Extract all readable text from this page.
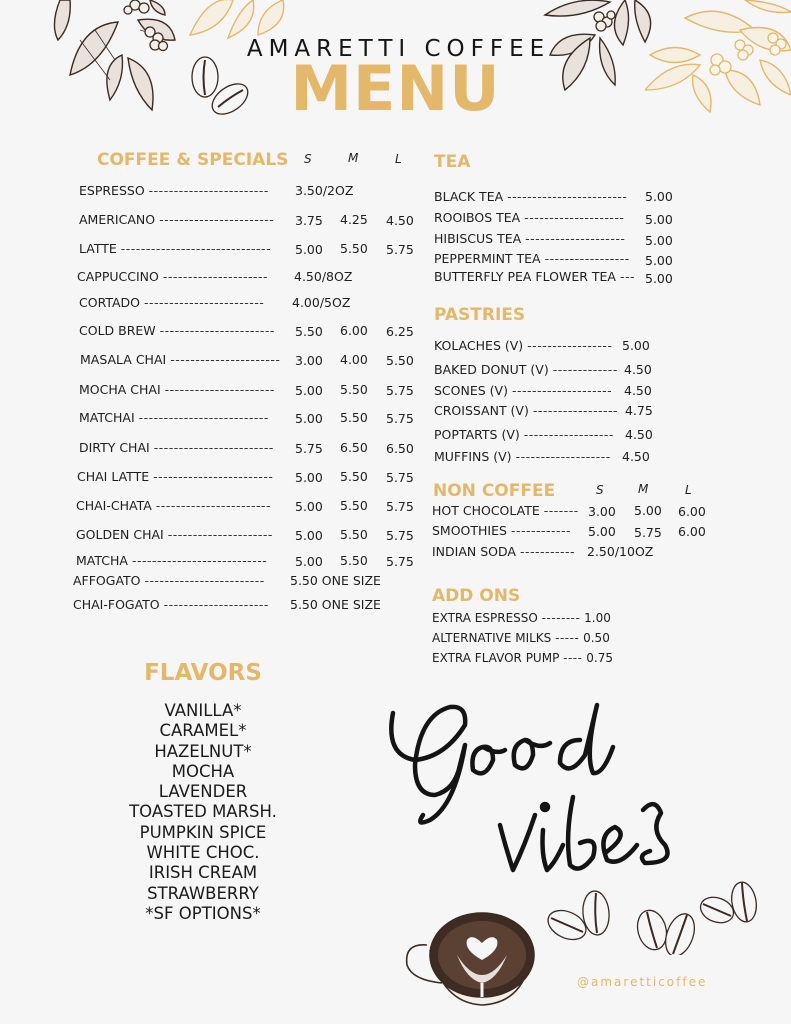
AMARETTI COFFEE
MENU
COFFEE & SPECIALS S	M	L
ESPRESSO ------------------------ 3.50/2OZ
AMERICANO ----------------------- 3.75 4.25 4.50
LATTE ------------------------------ 5.00 5.50 5.75
CAPPUCCINO --------------------- 4.50/8OZ
CORTADO ------------------------ 4.00/5OZ
COLD BREW ----------------------- 5.50 6.00 6.25
MASALA CHAI ---------------------- 3.00 4.00 5.50
MOCHA CHAI ---------------------- 5.00 5.50 5.75
MATCHAI -------------------------- 5.00 5.50 5.75
DIRTY CHAI ------------------------ 5.75 6.50 6.50
CHAI LATTE ------------------------ 5.00 5.50 5.75
CHAI-CHATA ----------------------- 5.00 5.50 5.75
GOLDEN CHAI --------------------- 5.00 5.50 5.75
MATCHA --------------------------- 5.00 5.50 5.75
AFFOGATO ------------------------ 5.50 ONE SIZE
CHAI-FOGATO --------------------- 5.50 ONE SIZE
TEA
BLACK TEA ------------------------ 5.00
ROOIBOS TEA -------------------- 5.00
HIBISCUS TEA -------------------- 5.00
PEPPERMINT TEA ----------------- 5.00
BUTTERFLY PEA FLOWER TEA --- 5.00
PASTRIES
KOLACHES (V) ----------------- 5.00
BAKED DONUT (V) ------------- 4.50
SCONES (V) -------------------- 4.50
CROISSANT (V) ----------------- 4.75
POPTARTS (V) ------------------ 4.50
MUFFINS (V) ------------------- 4.50
NON COFFEE	S	M	L
HOT CHOCOLATE ------- 3.00 5.00 6.00
SMOOTHIES ------------ 5.00 5.75 6.00
INDIAN SODA ----------- 2.50/10OZ
ADD ONS
EXTRA ESPRESSO -------- 1.00
ALTERNATIVE MILKS ----- 0.50
EXTRA FLAVOR PUMP ---- 0.75
FLAVORS
VANILLA*
CARAMEL*
HAZELNUT*
MOCHA
LAVENDER
TOASTED MARSH.
PUMPKIN SPICE
WHITE CHOC.
IRISH CREAM
STRAWBERRY
*SF OPTIONS*
@amaretticoffee
